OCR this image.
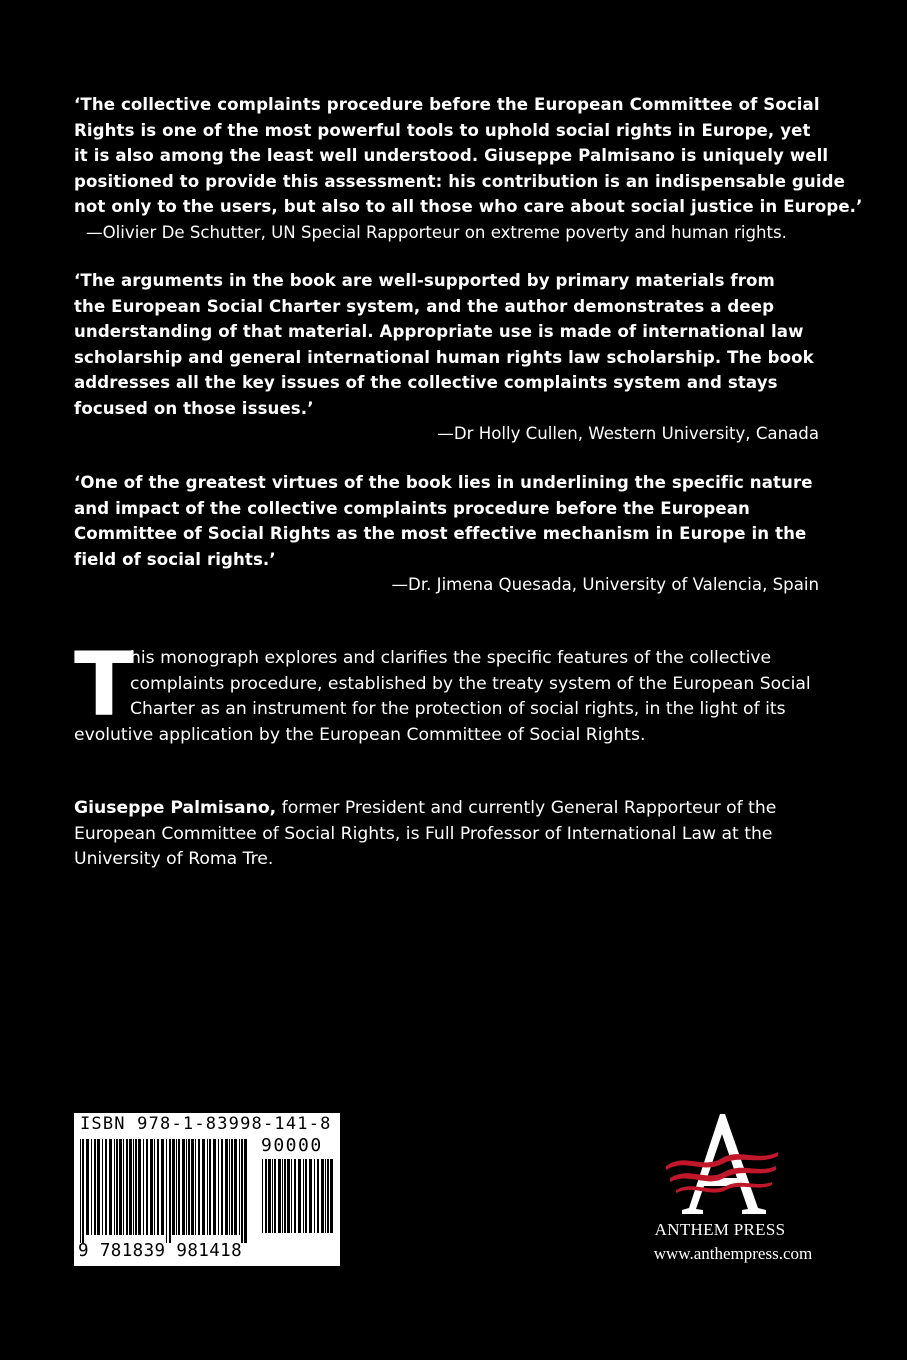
‘The collective complaints procedure before the European Committee of Social
Rights is one of the most powerful tools to uphold social rights in Europe, yet
it is also among the least well understood. Giuseppe Palmisano is uniquely well
positioned to provide this assessment: his contribution is an indispensable guide
not only to the users, but also to all those who care about social justice in Europe.’
—Olivier De Schutter, UN Special Rapporteur on extreme poverty and human rights.
‘The arguments in the book are well-supported by primary materials from
the European Social Charter system, and the author demonstrates a deep
understanding of that material. Appropriate use is made of international law
scholarship and general international human rights law scholarship. The book
addresses all the key issues of the collective complaints system and stays
focused on those issues.’
—Dr Holly Cullen, Western University, Canada
‘One of the greatest virtues of the book lies in underlining the specific nature
and impact of the collective complaints procedure before the European
Committee of Social Rights as the most effective mechanism in Europe in the
field of social rights.’
—Dr. Jimena Quesada, University of Valencia, Spain
T
his monograph explores and clarifies the specific features of the collective
complaints procedure, established by the treaty system of the European Social
Charter as an instrument for the protection of social rights, in the light of its
evolutive application by the European Committee of Social Rights.
Giuseppe Palmisano, former President and currently General Rapporteur of the
European Committee of Social Rights, is Full Professor of International Law at the
University of Roma Tre.
ISBN 978-1-83998-141-8
90000
9 781839 981418
ANTHEM PRESS
www.anthempress.com
